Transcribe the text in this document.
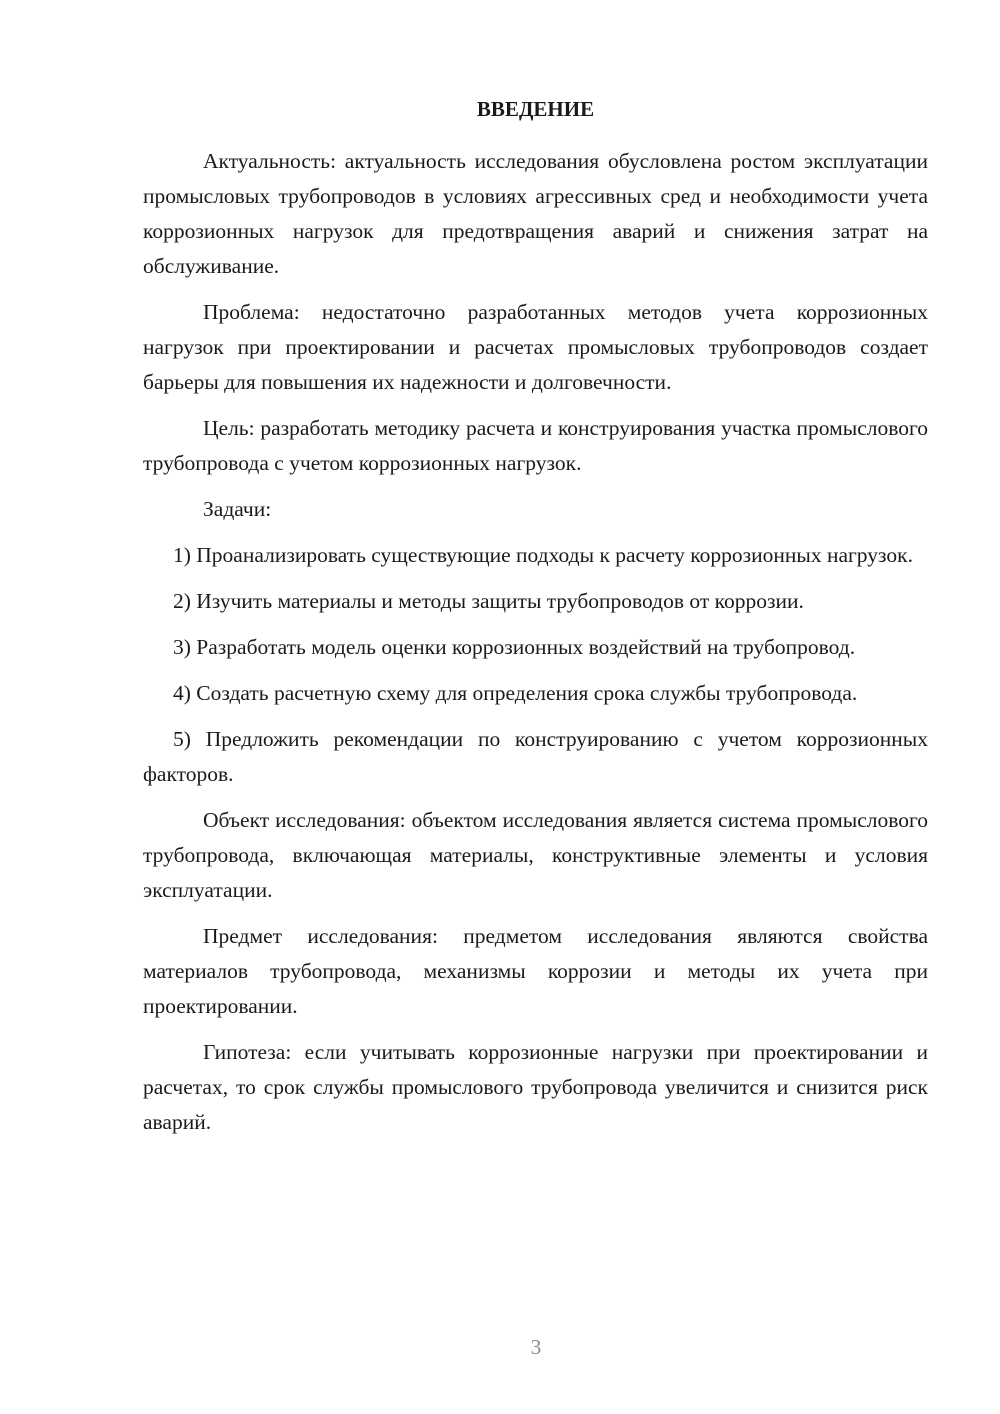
ВВЕДЕНИЕ

Актуальность: актуальность исследования обусловлена ростом эксплуатации промысловых трубопроводов в условиях агрессивных сред и необходимости учета коррозионных нагрузок для предотвращения аварий и снижения затрат на обслуживание.

Проблема: недостаточно разработанных методов учета коррозионных нагрузок при проектировании и расчетах промысловых трубопроводов создает барьеры для повышения их надежности и долговечности.

Цель: разработать методику расчета и конструирования участка промыслового трубопровода с учетом коррозионных нагрузок.

Задачи:

1) Проанализировать существующие подходы к расчету коррозионных нагрузок.

2) Изучить материалы и методы защиты трубопроводов от коррозии.

3) Разработать модель оценки коррозионных воздействий на трубопровод.

4) Создать расчетную схему для определения срока службы трубопровода.

5) Предложить рекомендации по конструированию с учетом коррозионных факторов.

Объект исследования: объектом исследования является система промыслового трубопровода, включающая материалы, конструктивные элементы и условия эксплуатации.

Предмет исследования: предметом исследования являются свойства материалов трубопровода, механизмы коррозии и методы их учета при проектировании.

Гипотеза: если учитывать коррозионные нагрузки при проектировании и расчетах, то срок службы промыслового трубопровода увеличится и снизится риск аварий.

3
